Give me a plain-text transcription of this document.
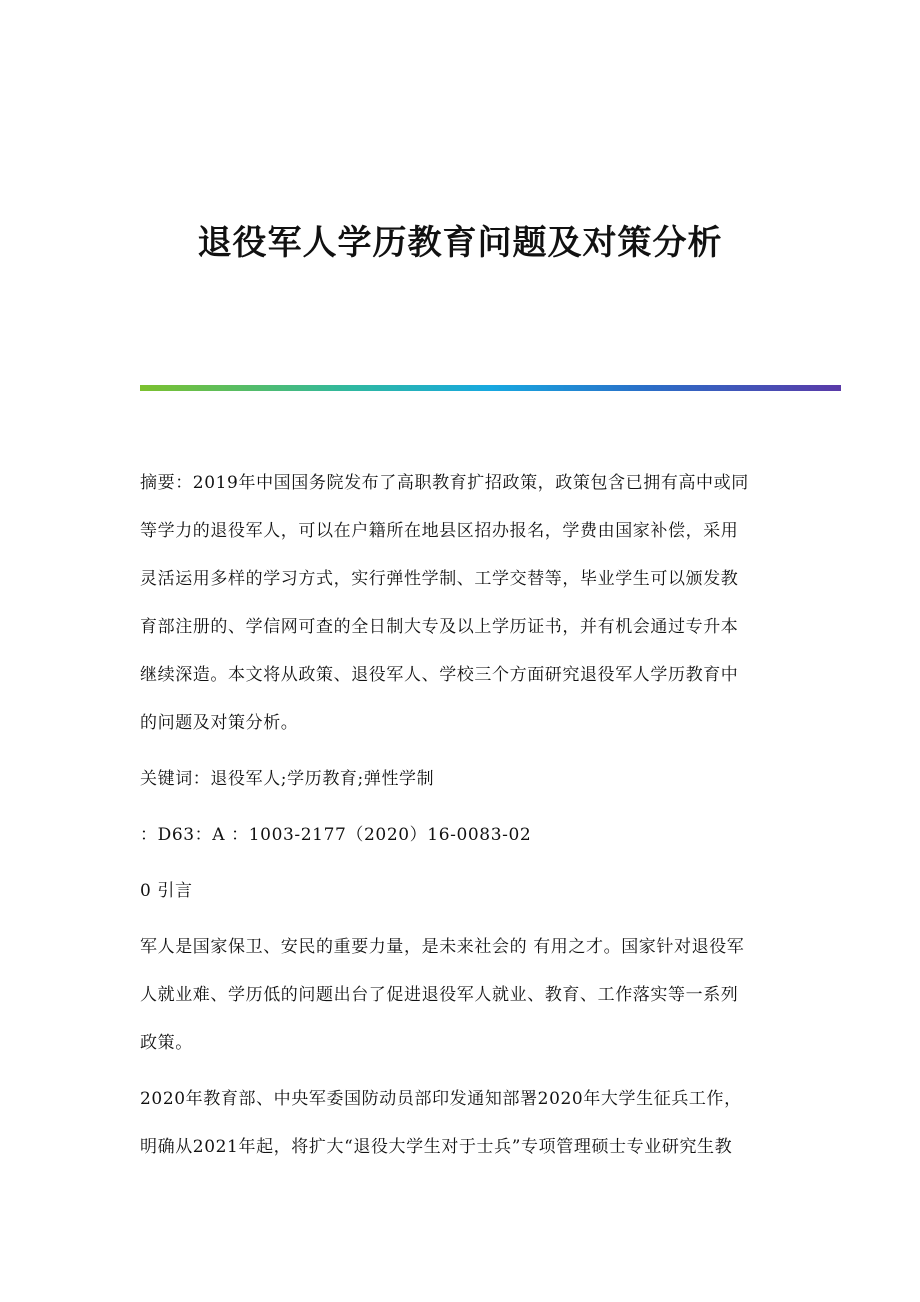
退役军人学历教育问题及对策分析
摘要：2019年中国国务院发布了高职教育扩招政策，政策包含已拥有高中或同
等学力的退役军人，可以在户籍所在地县区招办报名，学费由国家补偿，采用
灵活运用多样的学习方式，实行弹性学制、工学交替等，毕业学生可以颁发教
育部注册的、学信网可查的全日制大专及以上学历证书，并有机会通过专升本
继续深造。本文将从政策、退役军人、学校三个方面研究退役军人学历教育中
的问题及对策分析。
关键词：退役军人;学历教育;弹性学制
：D63：A ：1003-2177（2020）16-0083-02
0 引言
军人是国家保卫、安民的重要力量，是未来社会的 有用之才。国家针对退役军
人就业难、学历低的问题出台了促进退役军人就业、教育、工作落实等一系列
政策。
2020年教育部、中央军委国防动员部印发通知部署2020年大学生征兵工作，
明确从2021年起，将扩大“退役大学生对于士兵”专项管理硕士专业研究生教
